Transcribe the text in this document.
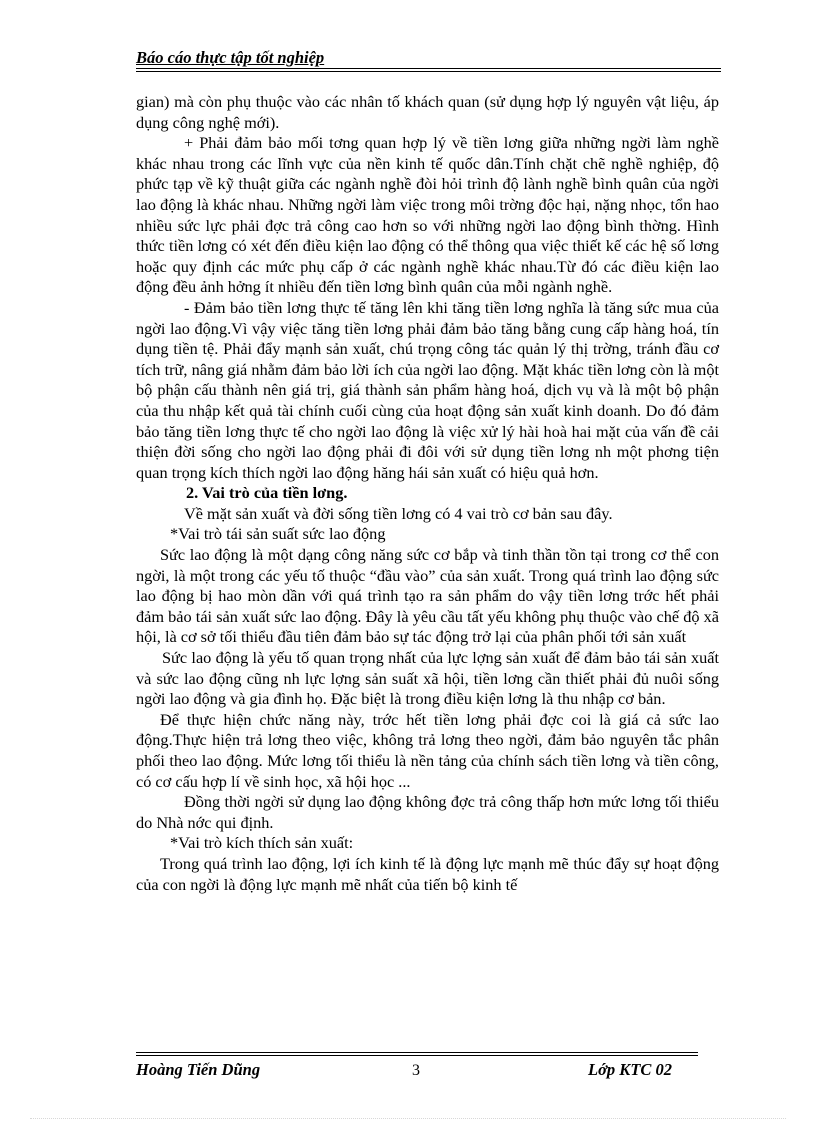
Báo cáo thực tập tốt nghiệp

gian) mà còn phụ thuộc vào các nhân tố khách quan (sử dụng hợp lý nguyên vật liệu, áp dụng công nghệ mới).

+ Phải đảm bảo mối tơng quan hợp lý về tiền lơng giữa những ngời làm nghề khác nhau trong các lĩnh vực của nền kinh tế quốc dân.Tính chặt chẽ nghề nghiệp, độ phức tạp về kỹ thuật giữa các ngành nghề đòi hỏi trình độ lành nghề bình quân của ngời lao động là khác nhau. Những ngời làm việc trong môi trờng độc hại, nặng nhọc, tổn hao nhiều sức lực phải đợc trả công cao hơn so với những ngời lao động bình thờng. Hình thức tiền lơng có xét đến điều kiện lao động có thể thông qua việc thiết kế các hệ số lơng hoặc quy định các mức phụ cấp ở các ngành nghề khác nhau.Từ đó các điều kiện lao động đều ảnh hởng ít nhiều đến tiền lơng bình quân của mỗi ngành nghề.

- Đảm bảo tiền lơng thực tế tăng lên khi tăng tiền lơng nghĩa là tăng sức mua của ngời lao động.Vì vậy việc tăng tiền lơng phải đảm bảo tăng bằng cung cấp hàng hoá, tín dụng tiền tệ. Phải đẩy mạnh sản xuất, chú trọng công tác quản lý thị trờng, tránh đầu cơ tích trữ, nâng giá nhằm đảm bảo lời ích của ngời lao động. Mặt khác tiền lơng còn là một bộ phận cấu thành nên giá trị, giá thành sản phẩm hàng hoá, dịch vụ và là một bộ phận của thu nhập kết quả tài chính cuối cùng của hoạt động sản xuất kinh doanh. Do đó đảm bảo tăng tiền lơng thực tế cho ngời lao động là việc xử lý hài hoà hai mặt của vấn đề cải thiện đời sống cho ngời lao động phải đi đôi với sử dụng tiền lơng nh một phơng tiện quan trọng kích thích ngời lao động hăng hái sản xuất có hiệu quả hơn.

2. Vai trò của tiền lơng.

Về mặt sản xuất và đời sống tiền lơng có 4 vai trò cơ bản sau đây.

*Vai trò tái sản suất sức lao động

Sức lao động là một dạng công năng sức cơ bắp và tinh thần tồn tại trong cơ thể con ngời, là một trong các yếu tố thuộc “đầu vào” của sản xuất. Trong quá trình lao động sức lao động bị hao mòn dần với quá trình tạo ra sản phẩm do vậy tiền lơng trớc hết phải đảm bảo tái sản xuất sức lao động. Đây là yêu cầu tất yếu không phụ thuộc vào chế độ xã hội, là cơ sở tối thiểu đầu tiên đảm bảo sự tác động trở lại của phân phối tới sản xuất

Sức lao động là yếu tố quan trọng nhất của lực lợng sản xuất để đảm bảo tái sản xuất và sức lao động cũng nh lực lợng sản suất xã hội, tiền lơng cần thiết phải đủ nuôi sống ngời lao động và gia đình họ. Đặc biệt là trong điều kiện lơng là thu nhập cơ bản.

Để thực hiện chức năng này, trớc hết tiền lơng phải đợc coi là giá cả sức lao động.Thực hiện trả lơng theo việc, không trả lơng theo ngời, đảm bảo nguyên tắc phân phối theo lao động. Mức lơng tối thiểu là nền tảng của chính sách tiền lơng và tiền công, có cơ cấu hợp lí về sinh học, xã hội học ...

Đồng thời ngời sử dụng lao động không đợc trả công thấp hơn mức lơng tối thiểu do Nhà nớc qui định.

*Vai trò kích thích sản xuất:

Trong quá trình lao động, lợi ích kinh tế là động lực mạnh mẽ thúc đẩy sự hoạt động của con ngời là động lực mạnh mẽ nhất của tiến bộ kinh tế

Hoàng Tiến Dũng	3	Lớp KTC 02
